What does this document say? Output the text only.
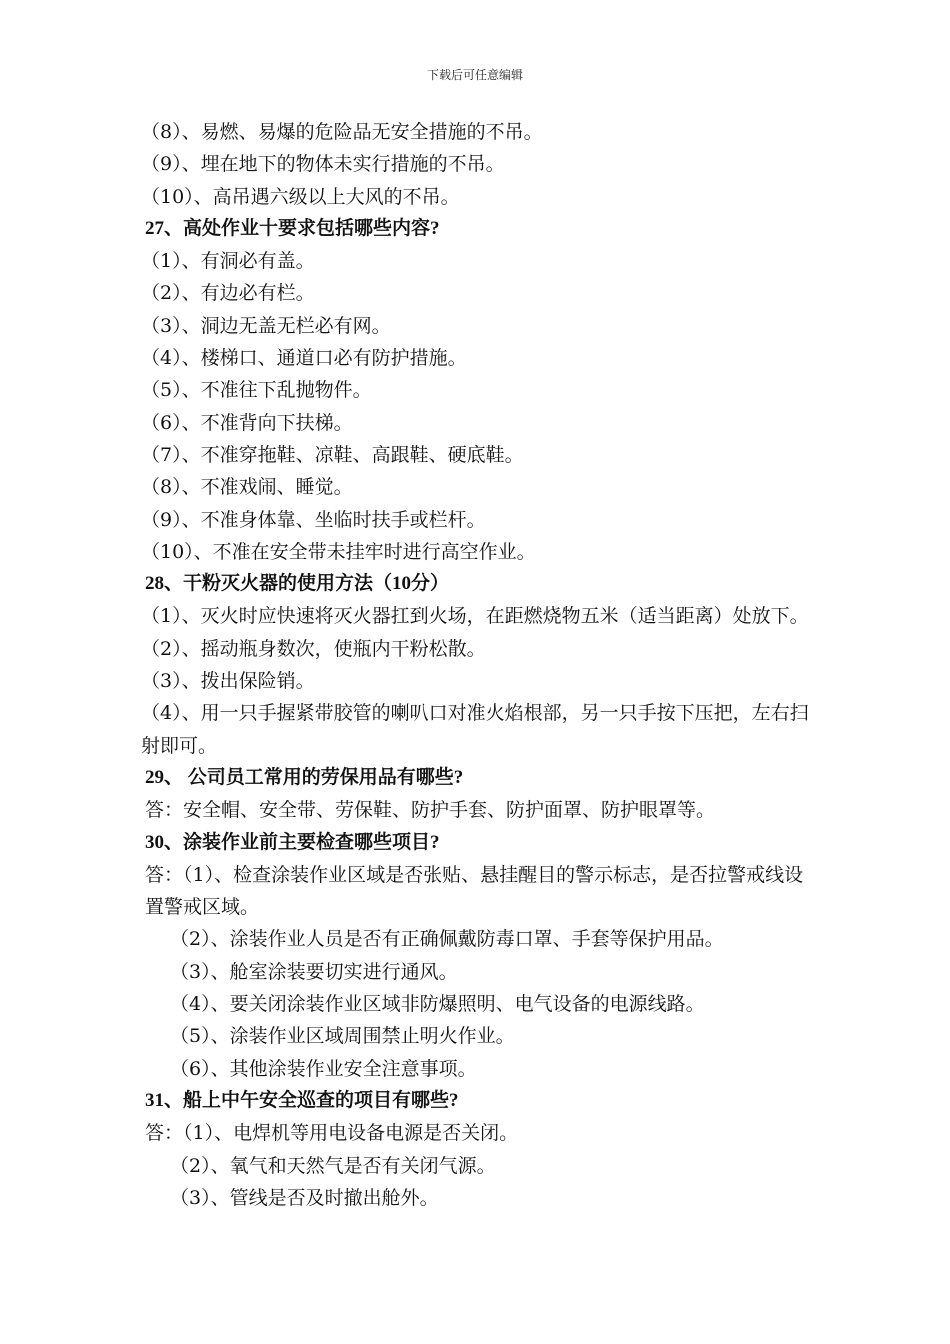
下载后可任意编辑

（8）、易燃、易爆的危险品无安全措施的不吊。

（9）、埋在地下的物体未实行措施的不吊。

（10）、高吊遇六级以上大风的不吊。

27、高处作业十要求包括哪些内容?

（1）、有洞必有盖。

（2）、有边必有栏。

（3）、洞边无盖无栏必有网。

（4）、楼梯口、通道口必有防护措施。

（5）、不准往下乱抛物件。

（6）、不准背向下扶梯。

（7）、不准穿拖鞋、凉鞋、高跟鞋、硬底鞋。

（8）、不准戏闹、睡觉。

（9）、不准身体靠、坐临时扶手或栏杆。

（10）、不准在安全带未挂牢时进行高空作业。

28、干粉灭火器的使用方法（10分）

（1）、灭火时应快速将灭火器扛到火场，在距燃烧物五米（适当距离）处放下。

（2）、摇动瓶身数次，使瓶内干粉松散。

（3）、拨出保险销。

（4）、用一只手握紧带胶管的喇叭口对准火焰根部，另一只手按下压把，左右扫射即可。

29、 公司员工常用的劳保用品有哪些?

答：安全帽、安全带、劳保鞋、防护手套、防护面罩、防护眼罩等。

30、涂装作业前主要检查哪些项目?

答：（1）、检查涂装作业区域是否张贴、悬挂醒目的警示标志，是否拉警戒线设置警戒区域。

（2）、涂装作业人员是否有正确佩戴防毒口罩、手套等保护用品。

（3）、舱室涂装要切实进行通风。

（4）、要关闭涂装作业区域非防爆照明、电气设备的电源线路。

（5）、涂装作业区域周围禁止明火作业。

（6）、其他涂装作业安全注意事项。

31、船上中午安全巡查的项目有哪些?

答：（1）、电焊机等用电设备电源是否关闭。

（2）、氧气和天然气是否有关闭气源。

（3）、管线是否及时撤出舱外。
